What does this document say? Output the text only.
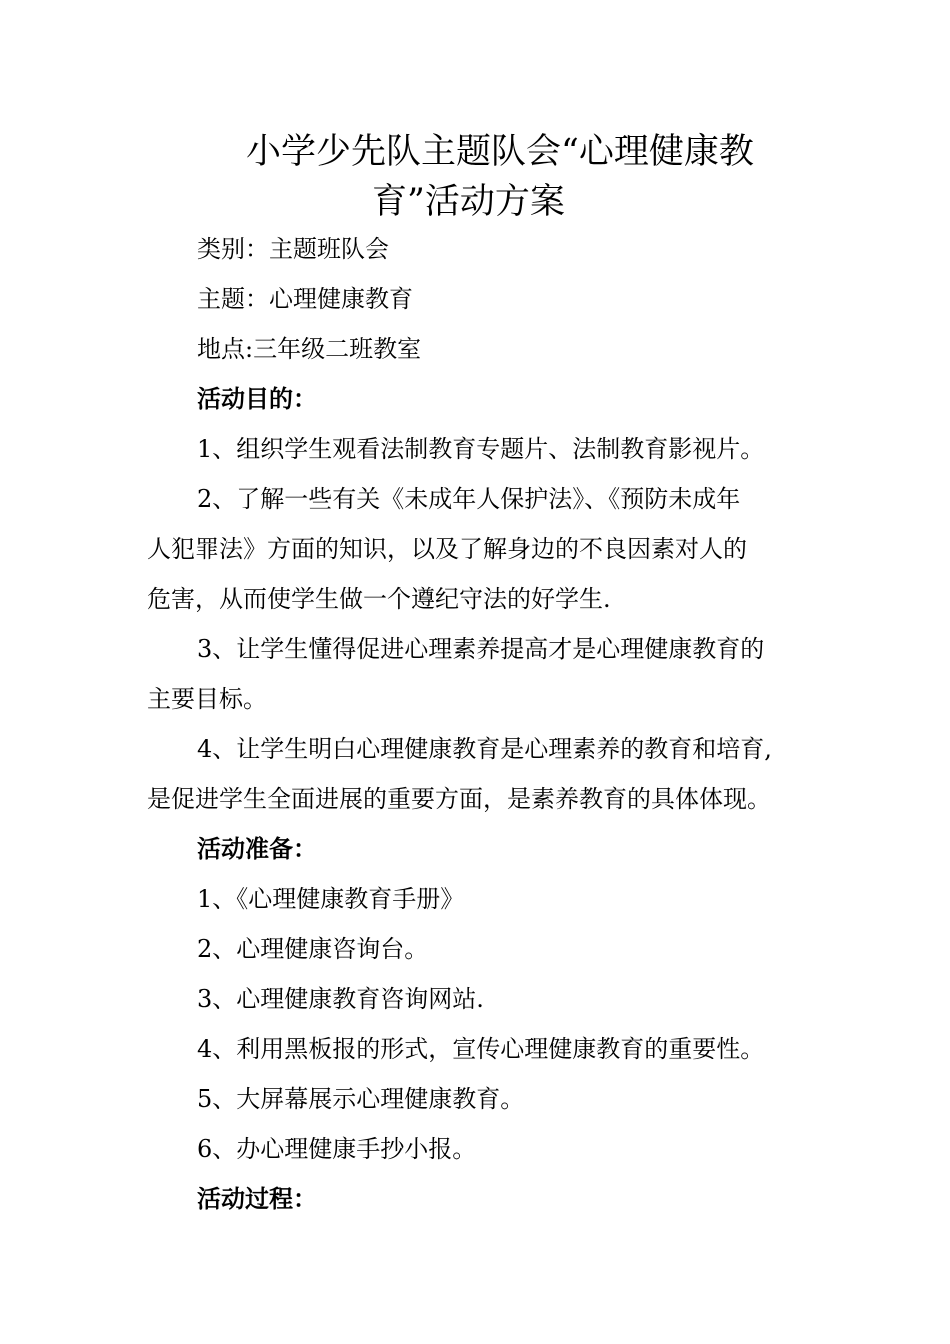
小学少先队主题队会“心理健康教
育”活动方案
类别：主题班队会
主题：心理健康教育
地点:三年级二班教室
活动目的：
1、组织学生观看法制教育专题片、法制教育影视片。
2、了解一些有关《未成年人保护法》、《预防未成年
人犯罪法》方面的知识，以及了解身边的不良因素对人的
危害，从而使学生做一个遵纪守法的好学生.
3、让学生懂得促进心理素养提高才是心理健康教育的
主要目标。
4、让学生明白心理健康教育是心理素养的教育和培育,
是促进学生全面进展的重要方面，是素养教育的具体体现。
活动准备：
1、《心理健康教育手册》
2、心理健康咨询台。
3、心理健康教育咨询网站.
4、利用黑板报的形式，宣传心理健康教育的重要性。
5、大屏幕展示心理健康教育。
6、办心理健康手抄小报。
活动过程：
